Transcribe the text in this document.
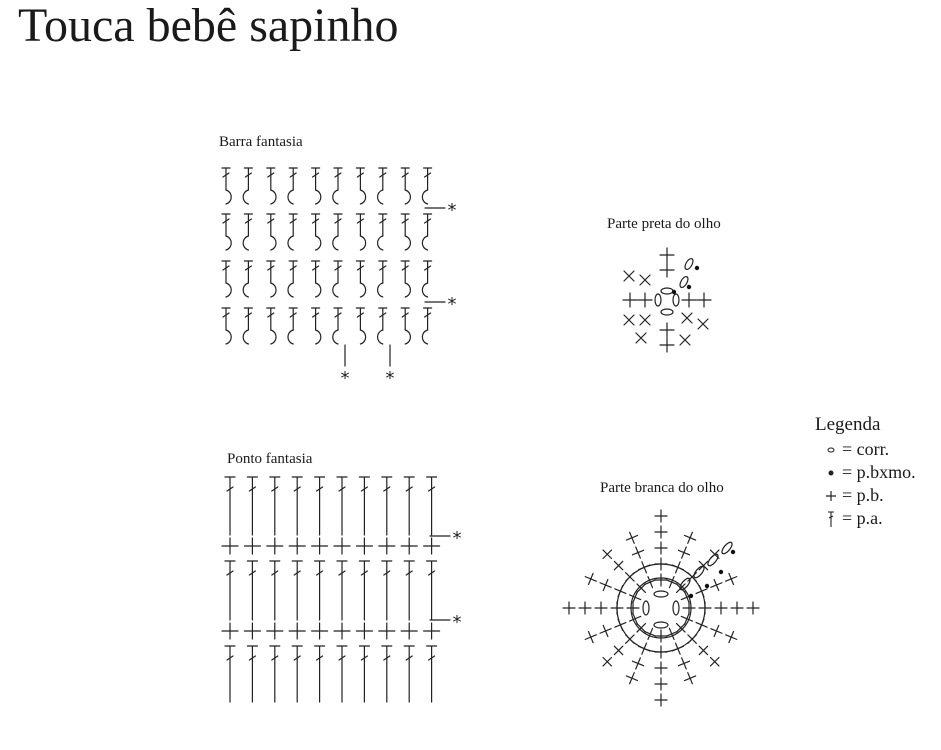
Touca bebê sapinho
Barra fantasia
Parte preta do olho
Ponto fantasia
Parte branca do olho
*
*
* *
*
*
Legenda
= corr.
= p.bxmo.
= p.b.
= p.a.
